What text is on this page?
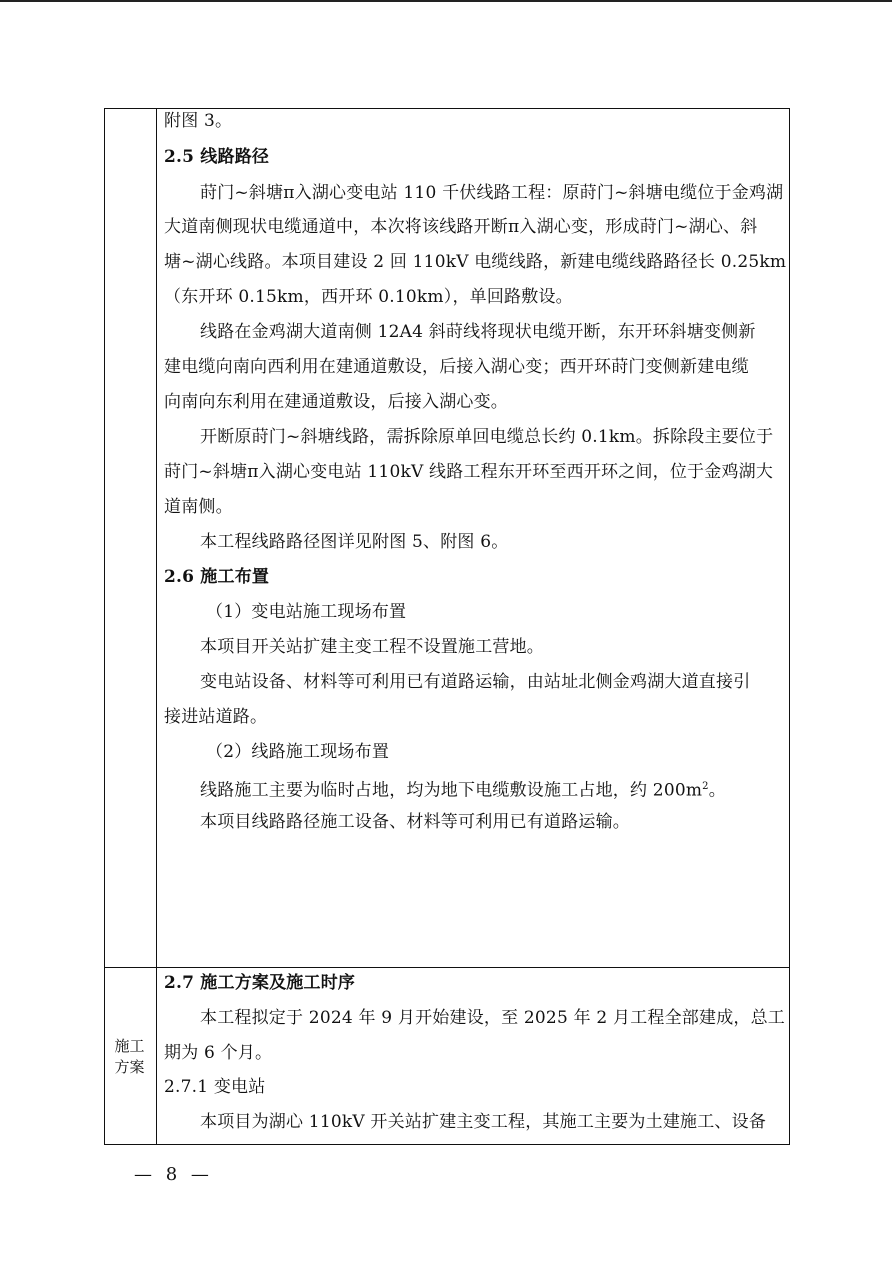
施工
方案
附图 3。
2.5 线路路径
莳门~斜塘π入湖心变电站 110 千伏线路工程：原莳门~斜塘电缆位于金鸡湖
大道南侧现状电缆通道中，本次将该线路开断π入湖心变，形成莳门~湖心、斜
塘~湖心线路。本项目建设 2 回 110kV 电缆线路，新建电缆线路路径长 0.25km
（东开环 0.15km，西开环 0.10km），单回路敷设。
线路在金鸡湖大道南侧 12A4 斜莳线将现状电缆开断，东开环斜塘变侧新
建电缆向南向西利用在建通道敷设，后接入湖心变；西开环莳门变侧新建电缆
向南向东利用在建通道敷设，后接入湖心变。
开断原莳门~斜塘线路，需拆除原单回电缆总长约 0.1km。拆除段主要位于
莳门~斜塘π入湖心变电站 110kV 线路工程东开环至西开环之间，位于金鸡湖大
道南侧。
本工程线路路径图详见附图 5、附图 6。
2.6 施工布置
（1）变电站施工现场布置
本项目开关站扩建主变工程不设置施工营地。
变电站设备、材料等可利用已有道路运输，由站址北侧金鸡湖大道直接引
接进站道路。
（2）线路施工现场布置
线路施工主要为临时占地，均为地下电缆敷设施工占地，约 $200m^2$。
本项目线路路径施工设备、材料等可利用已有道路运输。
2.7 施工方案及施工时序
本工程拟定于 2024 年 9 月开始建设，至 2025 年 2 月工程全部建成，总工
期为 6 个月。
2.7.1 变电站
本项目为湖心 110kV 开关站扩建主变工程，其施工主要为土建施工、设备
— 8 —
